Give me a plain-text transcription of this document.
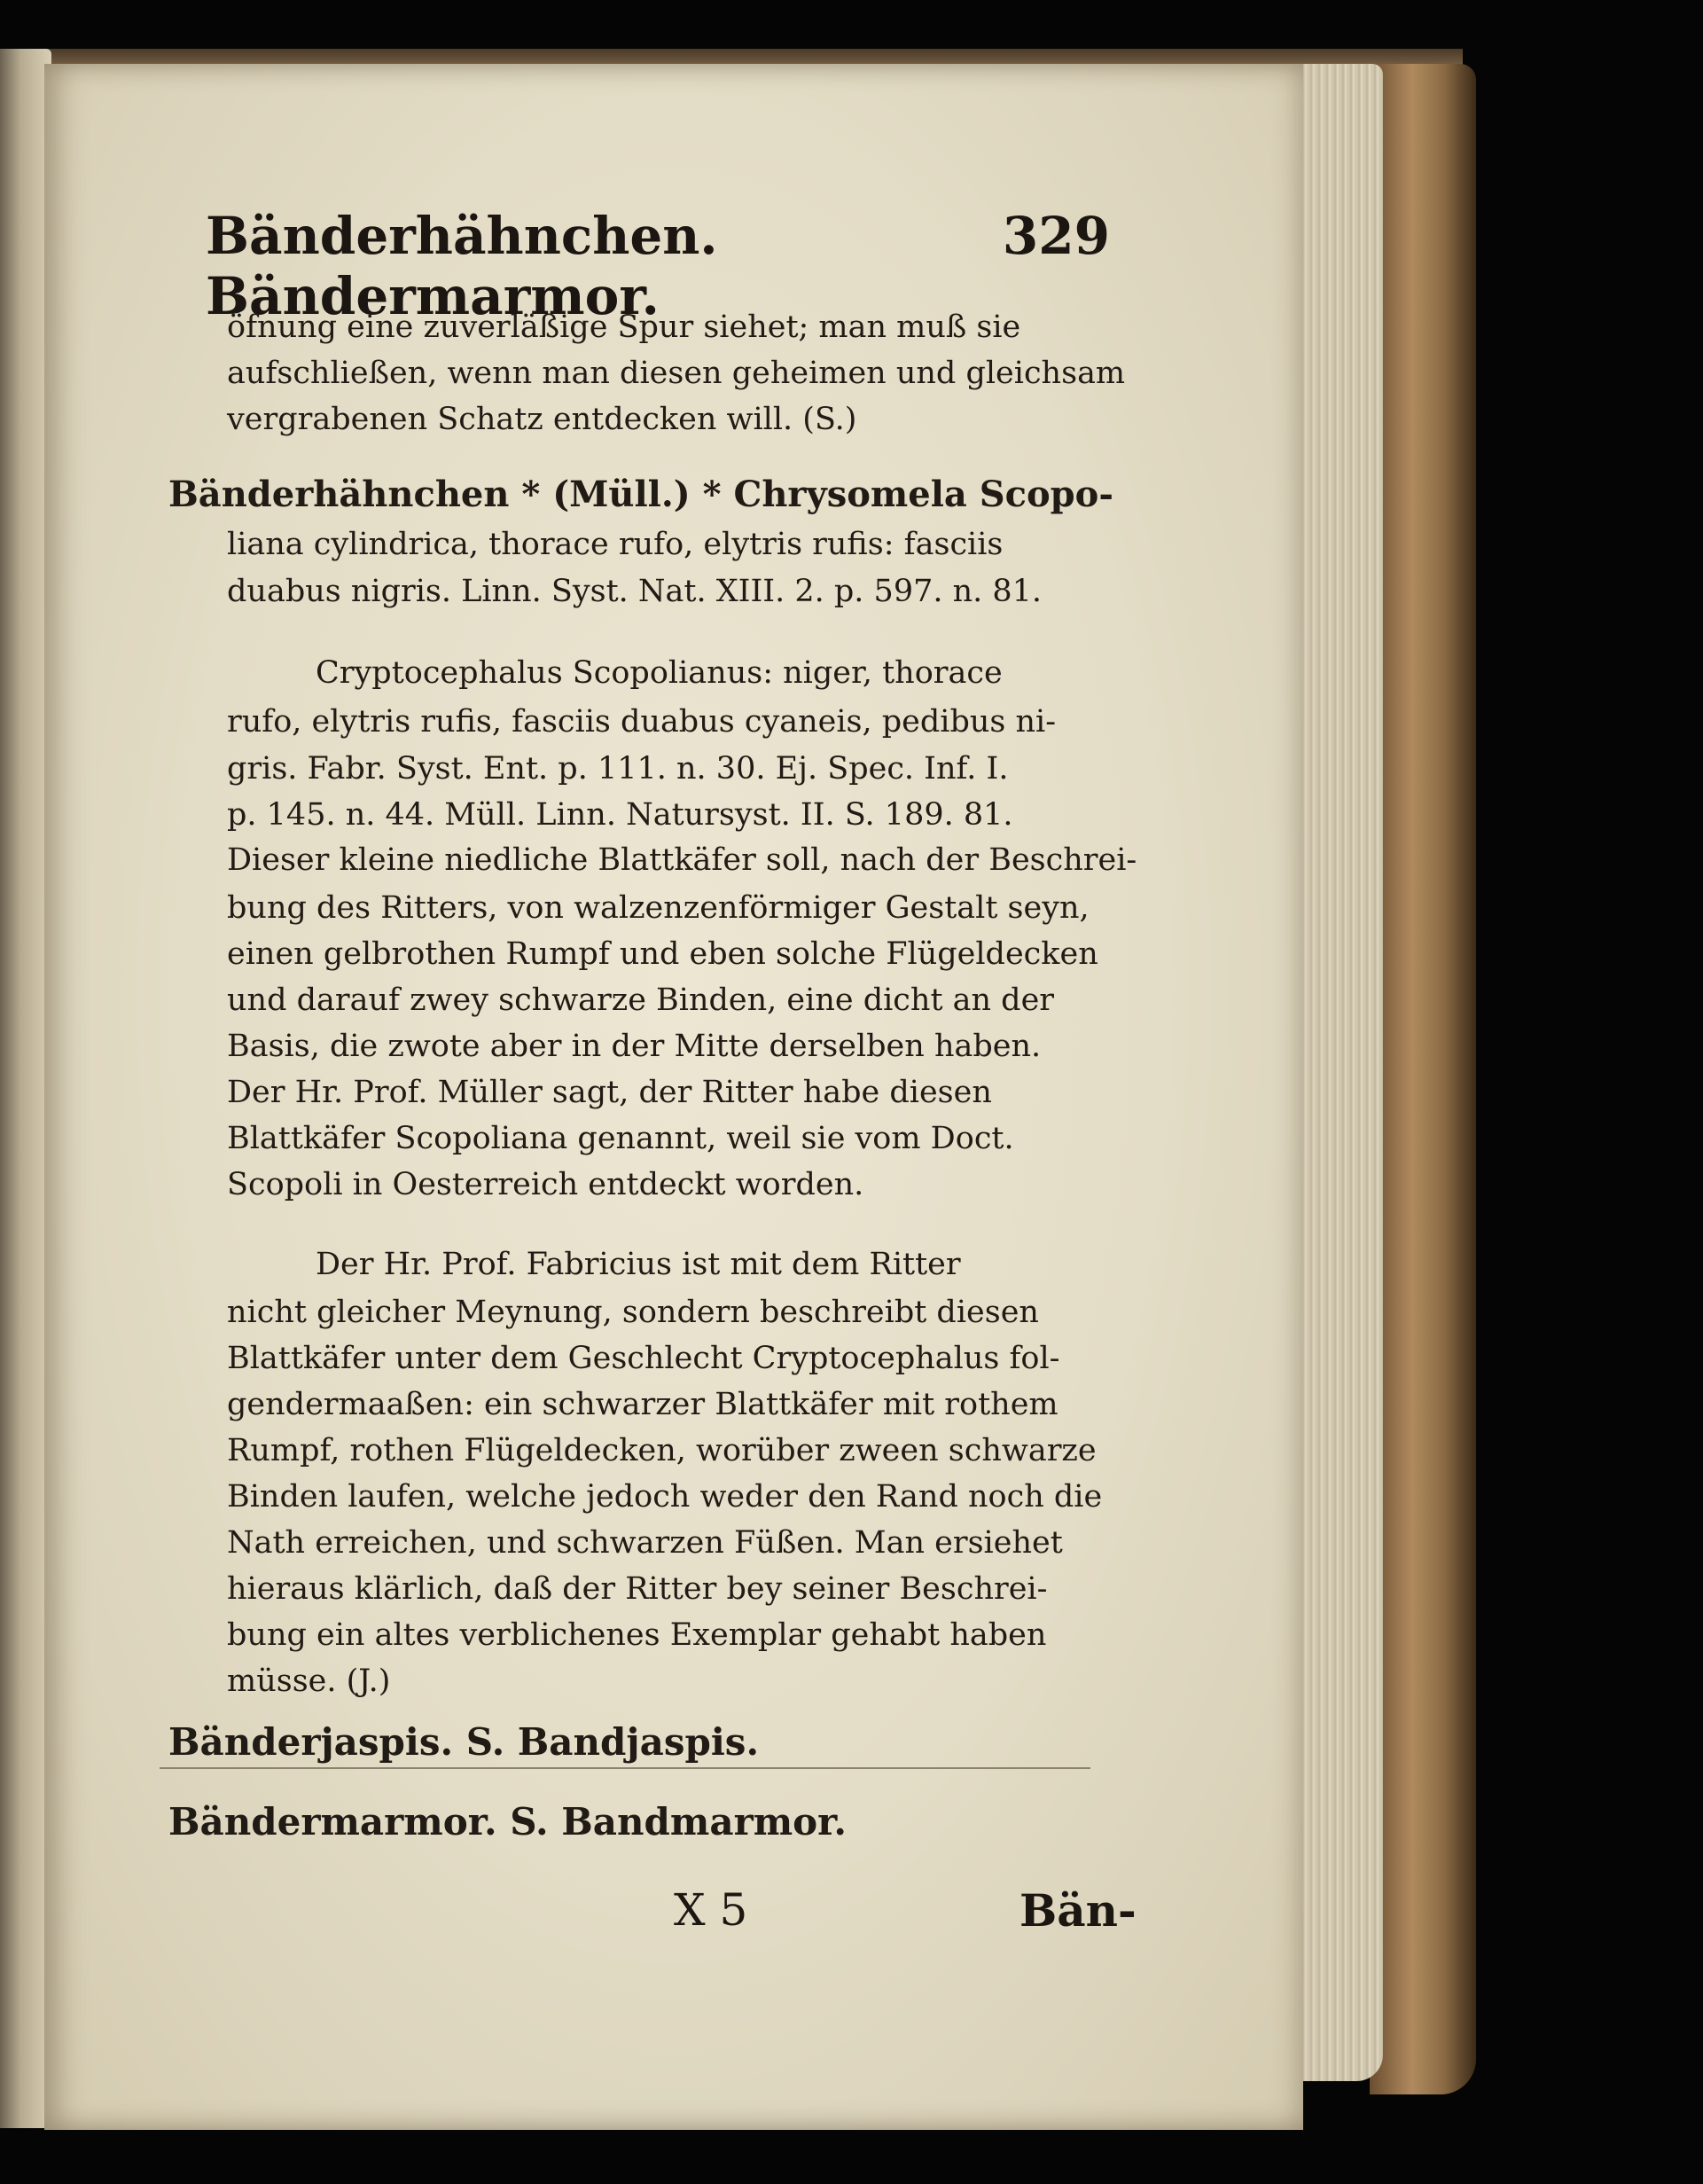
Bänderhähnchen. Bändermarmor.
329
öfnung eine zuverläßige Spur siehet; man muß sie
aufschließen, wenn man diesen geheimen und gleichsam
vergrabenen Schatz entdecken will. (S.)
Bänderhähnchen * (Müll.) * Chrysomela Scopo-
liana cylindrica, thorace rufo, elytris rufis: fasciis
duabus nigris. Linn. Syst. Nat. XIII. 2. p. 597. n. 81.
Cryptocephalus Scopolianus: niger, thorace
rufo, elytris rufis, fasciis duabus cyaneis, pedibus ni-
gris. Fabr. Syst. Ent. p. 111. n. 30. Ej. Spec. Inf. I.
p. 145. n. 44. Müll. Linn. Natursyst. II. S. 189. 81.
Dieser kleine niedliche Blattkäfer soll, nach der Beschrei-
bung des Ritters, von walzenzenförmiger Gestalt seyn,
einen gelbrothen Rumpf und eben solche Flügeldecken
und darauf zwey schwarze Binden, eine dicht an der
Basis, die zwote aber in der Mitte derselben haben.
Der Hr. Prof. Müller sagt, der Ritter habe diesen
Blattkäfer Scopoliana genannt, weil sie vom Doct.
Scopoli in Oesterreich entdeckt worden.
Der Hr. Prof. Fabricius ist mit dem Ritter
nicht gleicher Meynung, sondern beschreibt diesen
Blattkäfer unter dem Geschlecht Cryptocephalus fol-
gendermaaßen: ein schwarzer Blattkäfer mit rothem
Rumpf, rothen Flügeldecken, worüber zween schwarze
Binden laufen, welche jedoch weder den Rand noch die
Nath erreichen, und schwarzen Füßen. Man ersiehet
hieraus klärlich, daß der Ritter bey seiner Beschrei-
bung ein altes verblichenes Exemplar gehabt haben
müsse. (J.)
Bänderjaspis. S. Bandjaspis.
Bändermarmor. S. Bandmarmor.
X 5	Bän-
